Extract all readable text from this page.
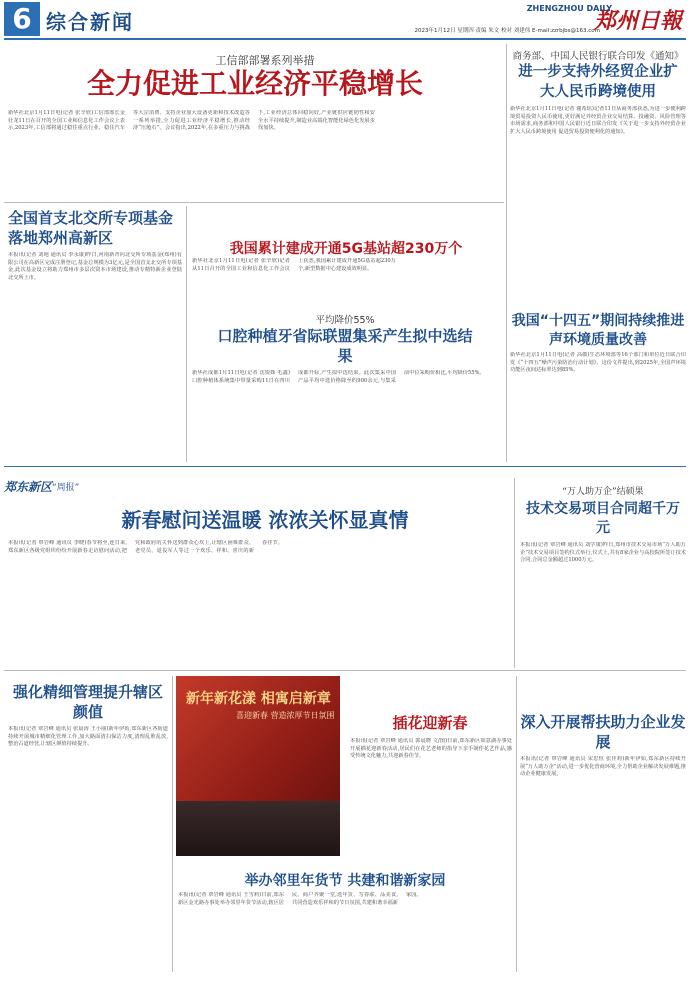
6 综合新闻	郑州日報
ZHENGZHOU DAILY
2023年1月12日 星期四 责编 朱文 校对 刘建伟 E-mail:zzrbjbs@163.com
工信部部署系列举措
全力促进工业经济平稳增长
新华社北京1月11日电(记者 张辛欣)工信部部长金壮龙11日在召开的全国工业和信息化工作会议上表示,2023年,工信部将通过稳住重点行业、稳住汽车等大宗消费、支持企业加大设备更新和技术改造等一系列举措,全力促进工业经济平稳增长,推动经济“压舱石”。会议指出,2022年,在多重压力与挑战下,工业经济总体回稳向好,产业链供应链韧性和安全水平持续提升,制造业高端化智能化绿色化发展步伐加快。
商务部、中国人民银行联合印发《通知》
进一步支持外经贸企业扩大人民币跨境使用
新华社北京1月11日电(记者 谢希瑶)记者11日从商务部获悉,为进一步便利跨境贸易投资人民币使用,更好满足外经贸企业交易结算、投融资、风险管理等市场需求,商务部和中国人民银行近日联合印发《关于进一步支持外经贸企业扩大人民币跨境使用 促进贸易投资便利化的通知》。
全国首支北交所专项基金落地郑州高新区
本报讯(记者 刘地 通讯员 李永康)昨日,河南新青向北交所专项基金(郑州)有限公司在高新区完成注册登记,基金总规模为3亿元,是全国首支北交所专项基金,此次基金设立将助力郑州市多层次资本市场建设,推动专精特新企业登陆北交所上市。
我国累计建成开通5G基站超230万个
新华社北京1月11日电(记者 张辛欣)记者从11日召开的全国工业和信息化工作会议上获悉,我国累计建成开通5G基站超230万个,新型数据中心建设成效明显。
平均降价55%
口腔种植牙省际联盟集采产生拟中选结果
新华社成都1月11日电(记者 沈锐姝 毛鑫)口腔种植体系统集中带量采购11日在四川成都开标,产生拟中选结果。此次集采中国产品平均中选价格降至约900余元,与集采前中位采购价相比,平均降价55%。
我国“十四五”期间持续推进声环境质量改善
新华社北京1月11日电(记者 高敬)生态环境部等16个部门和单位近日联合印发《“十四五”噪声污染防治行动计划》。这份文件提出,到2025年,全国声环境功能区夜间达标率达到85%。
郑东新区 “周报”
新春慰问送温暖 浓浓关怀显真情
本报讯(记者 覃岩峰 通讯员 李晓)春节将至,连日来,郑东新区各级党组织纷纷开展新春走访慰问活动,把党和政府的关怀送到群众心坎上,让辖区困难群众、老党员、退役军人等过一个欢乐、祥和、喜庆的新春佳节。
“万人助万企”结硕果
技术交易项目合同超千万元
本报讯(记者 覃岩峰 通讯员 刘学康)昨日,郑州市技术交易市场“万人助万企”技术交易项目签约仪式举行,仪式上,共有8家企业与高校院所签订技术合同,合同总金额超过1000万元。
强化精细管理提升辖区颜值
本报讯(记者 覃岩峰 通讯员 张晨涛 王小丽)新年伊始,郑东新区各街道持续开展城市精细化管理工作,加大路面清扫保洁力度,清理乱堆乱放,整治占道经营,让辖区颜值持续提升。
新年新花漾 相寓启新章
喜迎新春 营造浓厚节日氛围	插花迎新春
本报讯(记者 覃岩峰 通讯员 郭晨晓 文/图)日前,郑东新区如意湖办事处开展插花迎新春活动,居民们在花艺老师的指导下亲手制作花艺作品,感受传统文化魅力,共迎新春佳节。
深入开展帮扶助力企业发展
本报讯(记者 覃岩峰 通讯员 宋思恒 张佳莉)新年伊始,郑东新区持续开展“万人助万企”活动,进一步优化营商环境,全力帮助企业解决发展难题,推动企业健康发展。
举办邻里年货节 共建和谐新家园
本报讯(记者 覃岩峰 通讯员 王雪莉)日前,郑东新区金光路办事处举办邻里年货节活动,辖区居民、商户齐聚一堂,选年货、写春联、品美食,共同营造欢乐祥和的节日氛围,共建和谐幸福新家园。
